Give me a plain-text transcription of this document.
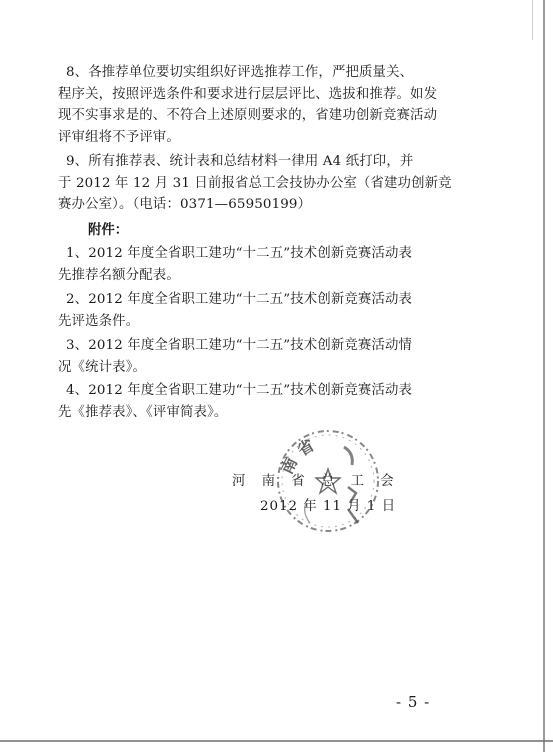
8、各推荐单位要切实组织好评选推荐工作，严把质量关、
程序关，按照评选条件和要求进行层层评比、选拔和推荐。如发
现不实事求是的、不符合上述原则要求的，省建功创新竞赛活动
评审组将不予评审。
9、所有推荐表、统计表和总结材料一律用 A4 纸打印，并
于 2012 年 12 月 31 日前报省总工会技协办公室（省建功创新竞
赛办公室）。（电话：0371—65950199）
附件：
1、2012 年度全省职工建功“十二五”技术创新竞赛活动表
先推荐名额分配表。
2、2012 年度全省职工建功“十二五”技术创新竞赛活动表
先评选条件。
3、2012 年度全省职工建功“十二五”技术创新竞赛活动情
况《统计表》。
4、2012 年度全省职工建功“十二五”技术创新竞赛活动表
先《推荐表》、《评审简表》。
河 南 省 总 工 会
2012 年 11 月 1 日
南 省
- 5 -
